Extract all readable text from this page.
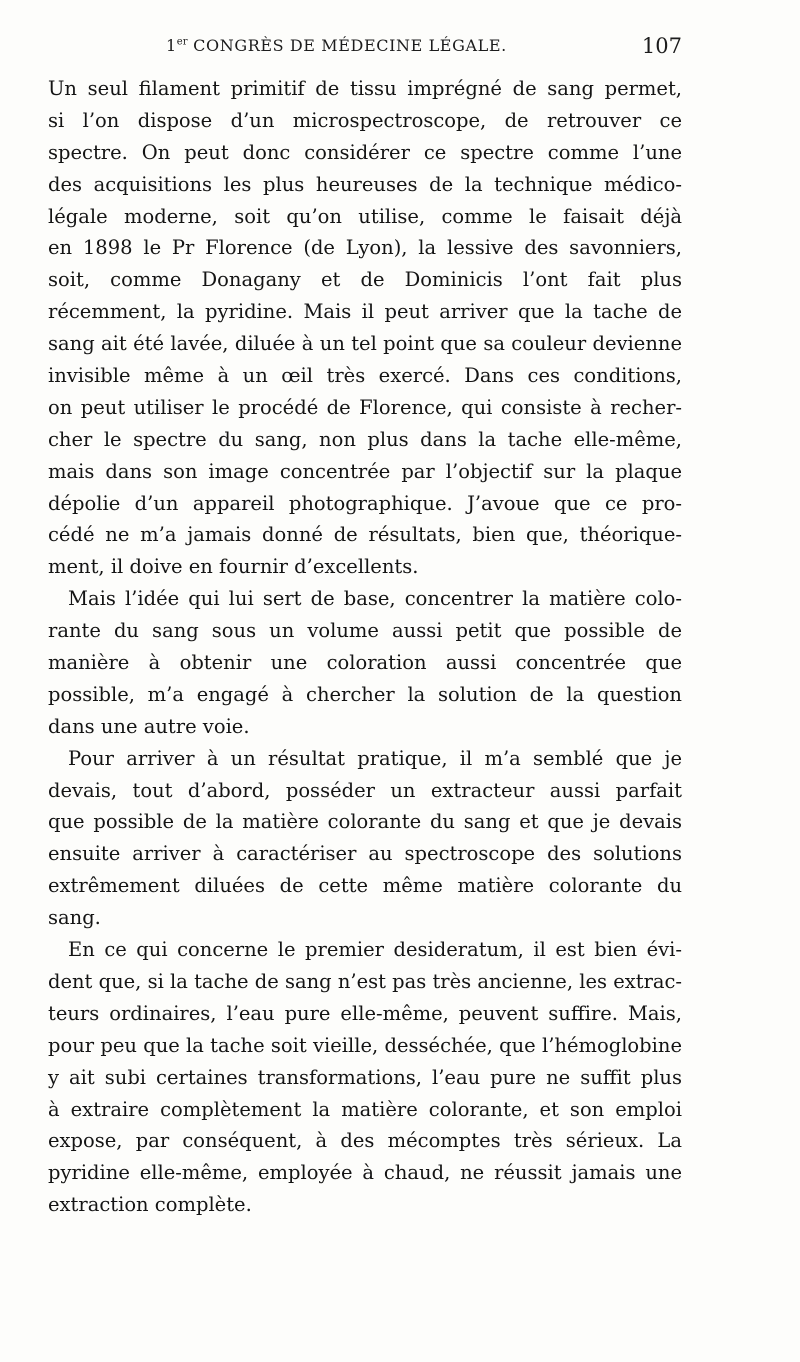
1er CONGRÈS DE MÉDECINE LÉGALE.	107
Un seul filament primitif de tissu imprégné de sang permet,
si l’on dispose d’un microspectroscope, de retrouver ce
spectre. On peut donc considérer ce spectre comme l’une
des acquisitions les plus heureuses de la technique médico-
légale moderne, soit qu’on utilise, comme le faisait déjà
en 1898 le Pr Florence (de Lyon), la lessive des savonniers,
soit, comme Donagany et de Dominicis l’ont fait plus
récemment, la pyridine. Mais il peut arriver que la tache de
sang ait été lavée, diluée à un tel point que sa couleur devienne
invisible même à un œil très exercé. Dans ces conditions,
on peut utiliser le procédé de Florence, qui consiste à recher-
cher le spectre du sang, non plus dans la tache elle-même,
mais dans son image concentrée par l’objectif sur la plaque
dépolie d’un appareil photographique. J’avoue que ce pro-
cédé ne m’a jamais donné de résultats, bien que, théorique-
ment, il doive en fournir d’excellents.
Mais l’idée qui lui sert de base, concentrer la matière colo-
rante du sang sous un volume aussi petit que possible de
manière à obtenir une coloration aussi concentrée que
possible, m’a engagé à chercher la solution de la question
dans une autre voie.
Pour arriver à un résultat pratique, il m’a semblé que je
devais, tout d’abord, posséder un extracteur aussi parfait
que possible de la matière colorante du sang et que je devais
ensuite arriver à caractériser au spectroscope des solutions
extrêmement diluées de cette même matière colorante du
sang.
En ce qui concerne le premier desideratum, il est bien évi-
dent que, si la tache de sang n’est pas très ancienne, les extrac-
teurs ordinaires, l’eau pure elle-même, peuvent suffire. Mais,
pour peu que la tache soit vieille, desséchée, que l’hémoglobine
y ait subi certaines transformations, l’eau pure ne suffit plus
à extraire complètement la matière colorante, et son emploi
expose, par conséquent, à des mécomptes très sérieux. La
pyridine elle-même, employée à chaud, ne réussit jamais une
extraction complète.
